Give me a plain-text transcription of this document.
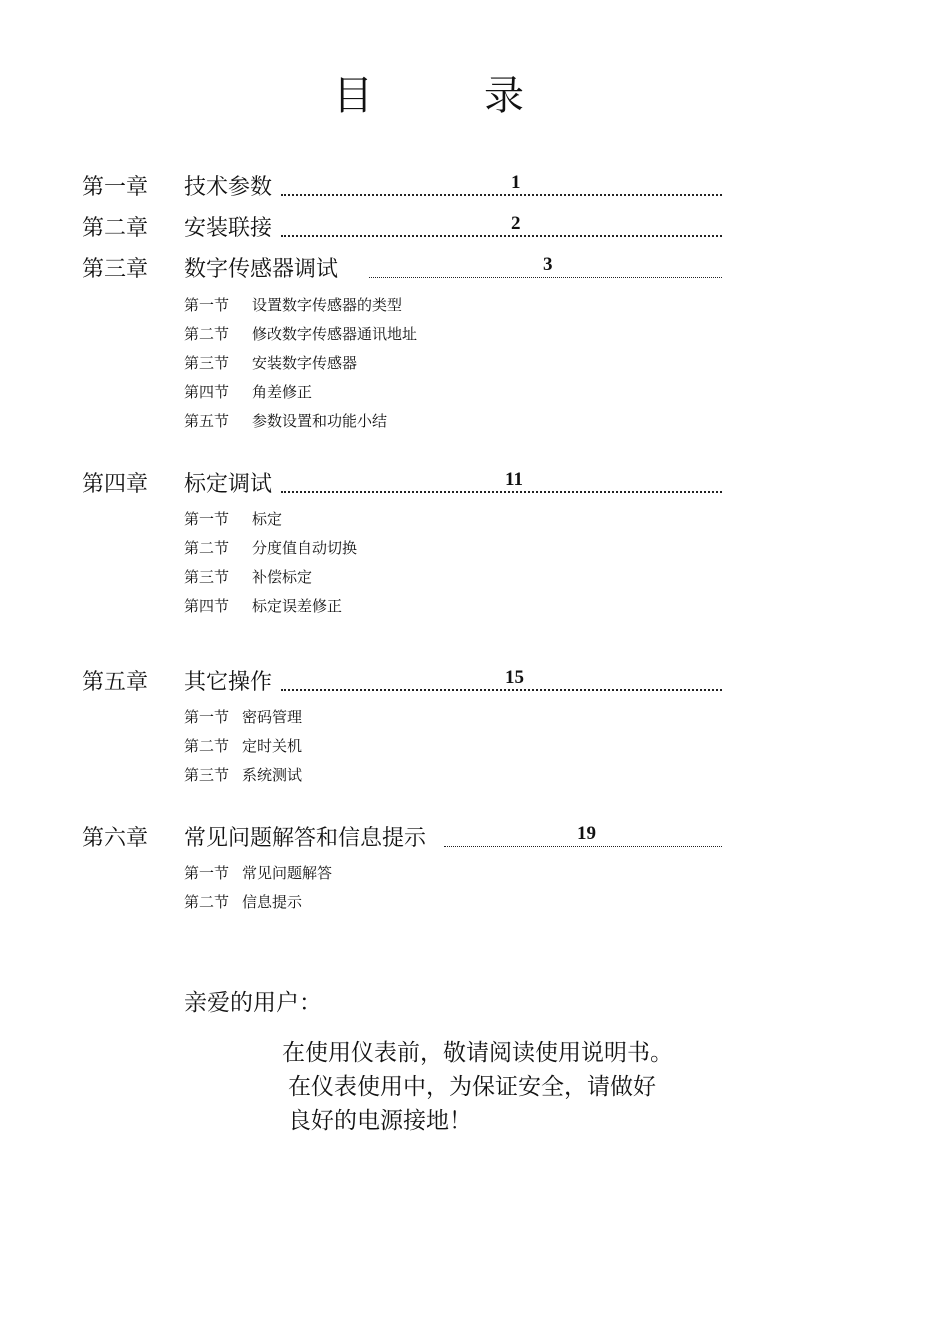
目	录
第一章 技术参数	1
第二章 安装联接	2
第三章 数字传感器调试	3
第一节 设置数字传感器的类型
第二节 修改数字传感器通讯地址
第三节 安装数字传感器
第四节 角差修正
第五节 参数设置和功能小结
第四章 标定调试	11
第一节 标定
第二节 分度值自动切换
第三节 补偿标定
第四节 标定误差修正
第五章 其它操作	15
第一节 密码管理
第二节 定时关机
第三节 系统测试
第六章 常见问题解答和信息提示	19
第一节 常见问题解答
第二节 信息提示
亲爱的用户：
在使用仪表前，敬请阅读使用说明书。
在仪表使用中，为保证安全，请做好
良好的电源接地！
